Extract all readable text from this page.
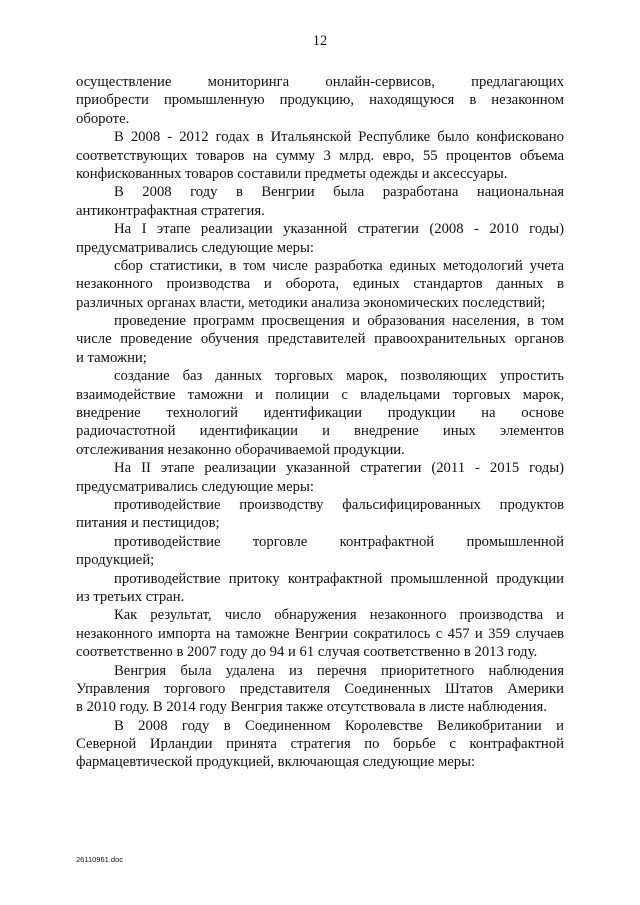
12
осуществление мониторинга онлайн-сервисов, предлагающих
приобрести промышленную продукцию, находящуюся в незаконном
обороте.
В 2008 - 2012 годах в Итальянской Республике было конфисковано
соответствующих товаров на сумму 3 млрд. евро, 55 процентов объема
конфискованных товаров составили предметы одежды и аксессуары.
В 2008 году в Венгрии была разработана национальная
антиконтрафактная стратегия.
На I этапе реализации указанной стратегии (2008 - 2010 годы)
предусматривались следующие меры:
сбор статистики, в том числе разработка единых методологий учета
незаконного производства и оборота, единых стандартов данных в
различных органах власти, методики анализа экономических последствий;
проведение программ просвещения и образования населения, в том
числе проведение обучения представителей правоохранительных органов
и таможни;
создание баз данных торговых марок, позволяющих упростить
взаимодействие таможни и полиции с владельцами торговых марок,
внедрение технологий идентификации продукции на основе
радиочастотной идентификации и внедрение иных элементов
отслеживания незаконно оборачиваемой продукции.
На II этапе реализации указанной стратегии (2011 - 2015 годы)
предусматривались следующие меры:
противодействие производству фальсифицированных продуктов
питания и пестицидов;
противодействие торговле контрафактной промышленной
продукцией;
противодействие притоку контрафактной промышленной продукции
из третьих стран.
Как результат, число обнаружения незаконного производства и
незаконного импорта на таможне Венгрии сократилось с 457 и 359 случаев
соответственно в 2007 году до 94 и 61 случая соответственно в 2013 году.
Венгрия была удалена из перечня приоритетного наблюдения
Управления торгового представителя Соединенных Штатов Америки
в 2010 году. В 2014 году Венгрия также отсутствовала в листе наблюдения.
В 2008 году в Соединенном Королевстве Великобритании и
Северной Ирландии принята стратегия по борьбе с контрафактной
фармацевтической продукцией, включающая следующие меры:
26110961.doc
